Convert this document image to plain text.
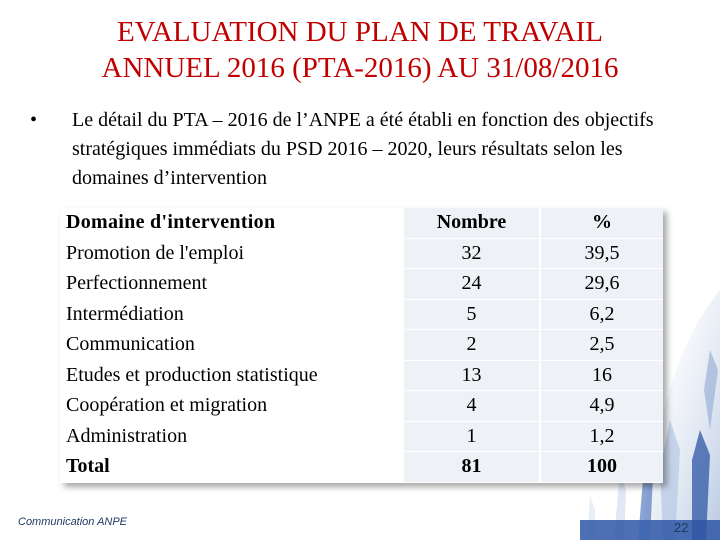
EVALUATION DU PLAN DE TRAVAIL
ANNUEL 2016 (PTA-2016) AU 31/08/2016
• Le détail du PTA – 2016 de l’ANPE a été établi en fonction des objectifs stratégiques immédiats du PSD 2016 – 2020, leurs résultats selon les domaines d’intervention
Domaine d'intervention	Nombre	%
Promotion de l'emploi	32	39,5
Perfectionnement	24	29,6
Intermédiation	5	6,2
Communication	2	2,5
Etudes et production statistique	13	16
Coopération et migration	4	4,9
Administration	1	1,2
Total	81	100
Communication ANPE	22
